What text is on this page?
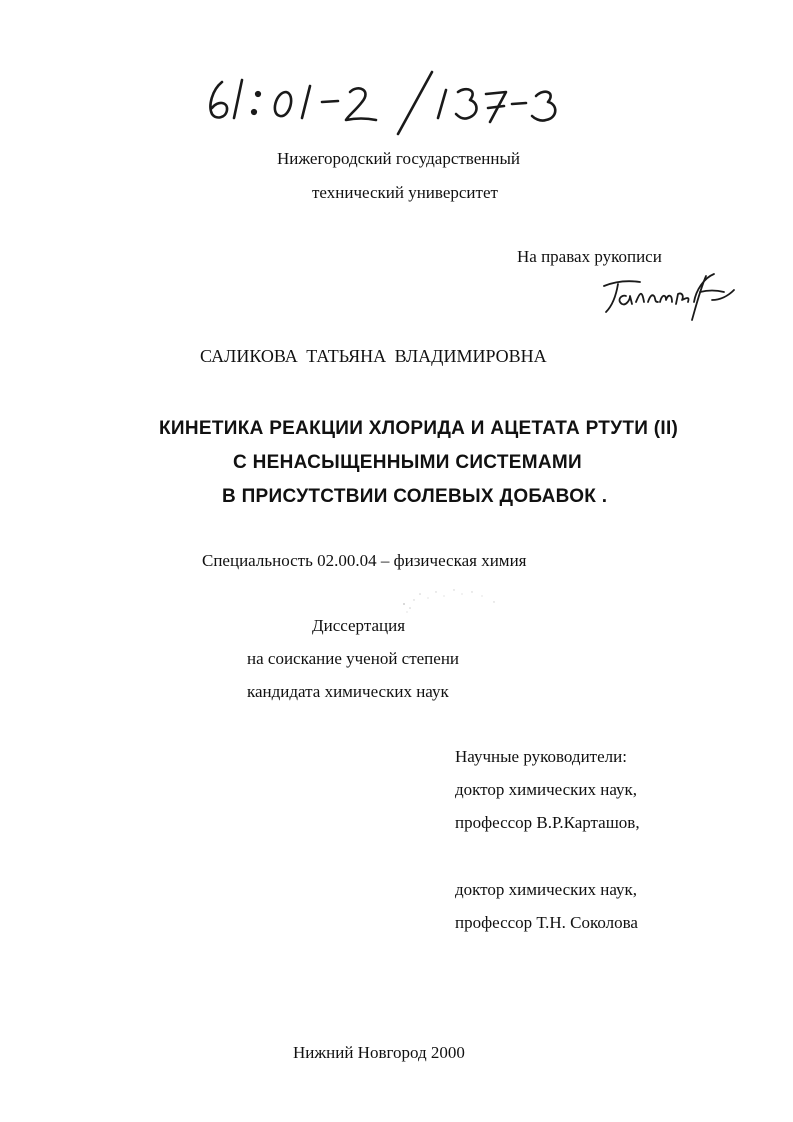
61:01-2/137-3
Нижегородский государственный
технический университет
На правах рукописи
Саликов
САЛИКОВА ТАТЬЯНА ВЛАДИМИРОВНА
КИНЕТИКА РЕАКЦИИ ХЛОРИДА И АЦЕТАТА РТУТИ (II)
С НЕНАСЫЩЕННЫМИ СИСТЕМАМИ
В ПРИСУТСТВИИ СОЛЕВЫХ ДОБАВОК .
Специальность 02.00.04 – физическая химия
Диссертация
на соискание ученой степени
кандидата химических наук
Научные руководители:
доктор химических наук,
профессор В.Р.Карташов,
доктор химических наук,
профессор Т.Н. Соколова
Нижний Новгород 2000
